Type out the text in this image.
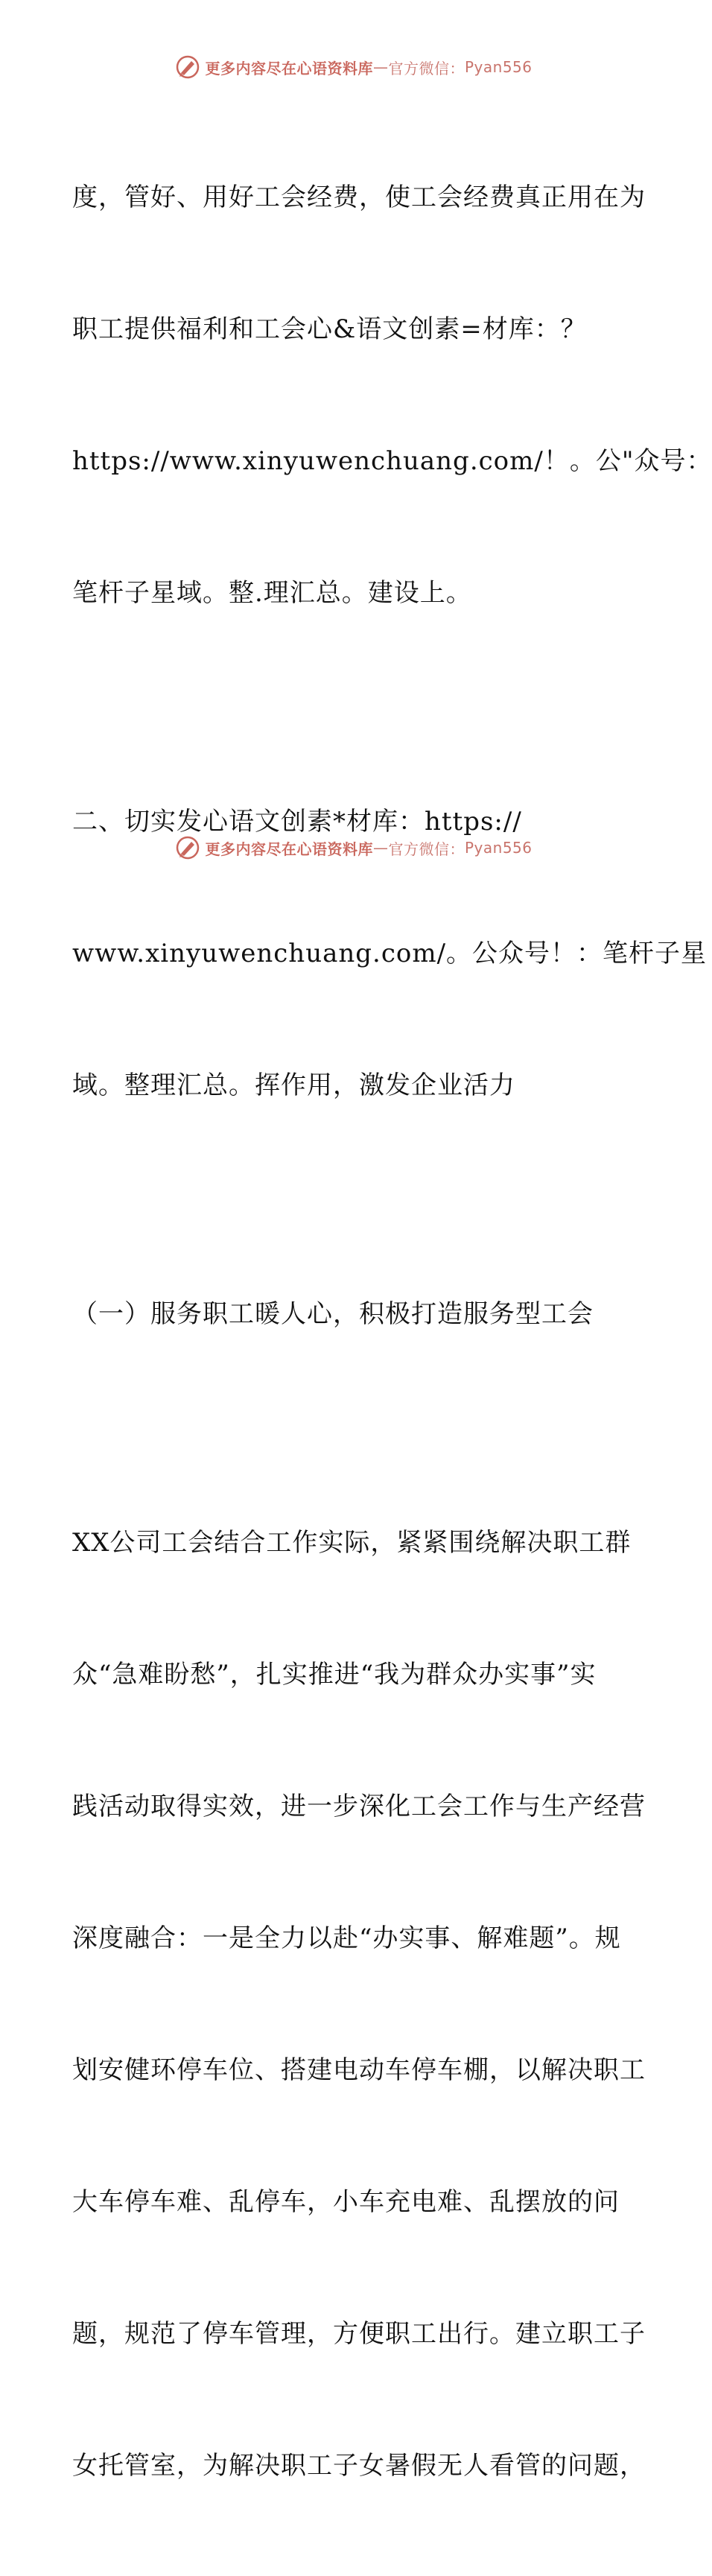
更多内容尽在心语资料库 — 官方微信： Pyan556

度，管好、用好工会经费，使工会经费真正用在为

职工提供福利和工会心&语文创素=材库：？

https://www.xinyuwenchuang.com/！。公"众号：

笔杆子星域。整.理汇总。建设上。

二、切实发心语文创素*材库：https://

www.xinyuwenchuang.com/。公众号！：笔杆子星

域。整理汇总。挥作用，激发企业活力

（一）服务职工暖人心，积极打造服务型工会

XX公司工会结合工作实际，紧紧围绕解决职工群

众“急难盼愁”，扎实推进“我为群众办实事”实

践活动取得实效，进一步深化工会工作与生产经营

深度融合：一是全力以赴“办实事、解难题”。规

划安健环停车位、搭建电动车停车棚，以解决职工

大车停车难、乱停车，小车充电难、乱摆放的问

题，规范了停车管理，方便职工出行。建立职工子

女托管室，为解决职工子女暑假无人看管的问题，

更多内容尽在心语资料库 — 官方微信： Pyan556
